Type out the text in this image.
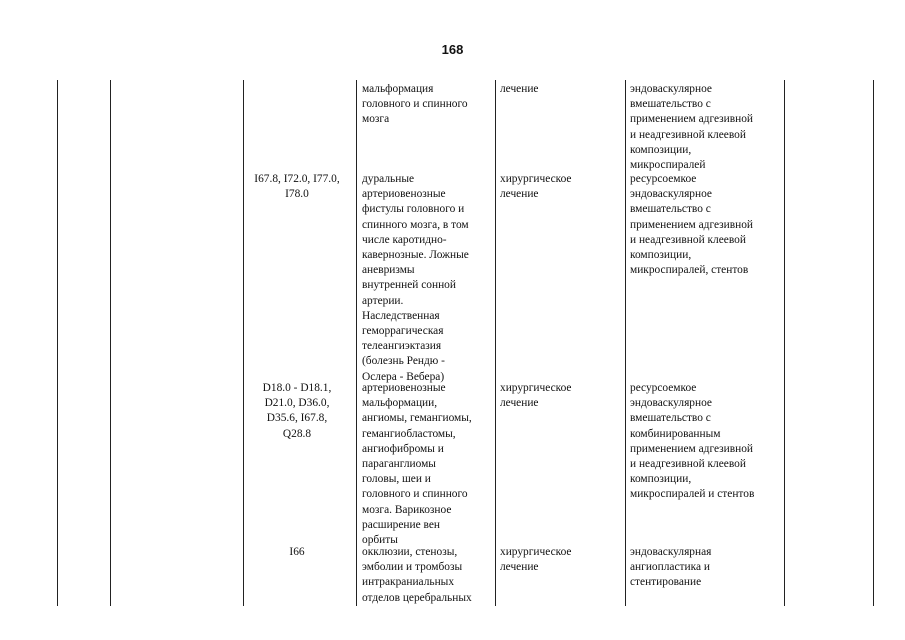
168
мальформация
головного и спинного
мозга
лечение	эндоваскулярное
вмешательство с
применением адгезивной
и неадгезивной клеевой
композиции,
микроспиралей
I67.8, I72.0, I77.0,
I78.0
дуральные
артериовенозные
фистулы головного и
спинного мозга, в том
числе каротидно-
кавернозные. Ложные
аневризмы
внутренней сонной
артерии.
Наследственная
геморрагическая
телеангиэктазия
(болезнь Рендю -
Ослера - Вебера)
хирургическое
лечение
ресурсоемкое
эндоваскулярное
вмешательство с
применением адгезивной
и неадгезивной клеевой
композиции,
микроспиралей, стентов
D18.0 - D18.1,
D21.0, D36.0,
D35.6, I67.8,
Q28.8
артериовенозные
мальформации,
ангиомы, гемангиомы,
гемангиобластомы,
ангиофибромы и
параганглиомы
головы, шеи и
головного и спинного
мозга. Варикозное
расширение вен
орбиты
хирургическое
лечение
ресурсоемкое
эндоваскулярное
вмешательство с
комбинированным
применением адгезивной
и неадгезивной клеевой
композиции,
микроспиралей и стентов
I66	окклюзии, стенозы,
эмболии и тромбозы
интракраниальных
отделов церебральных
хирургическое
лечение
эндоваскулярная
ангиопластика и
стентирование
